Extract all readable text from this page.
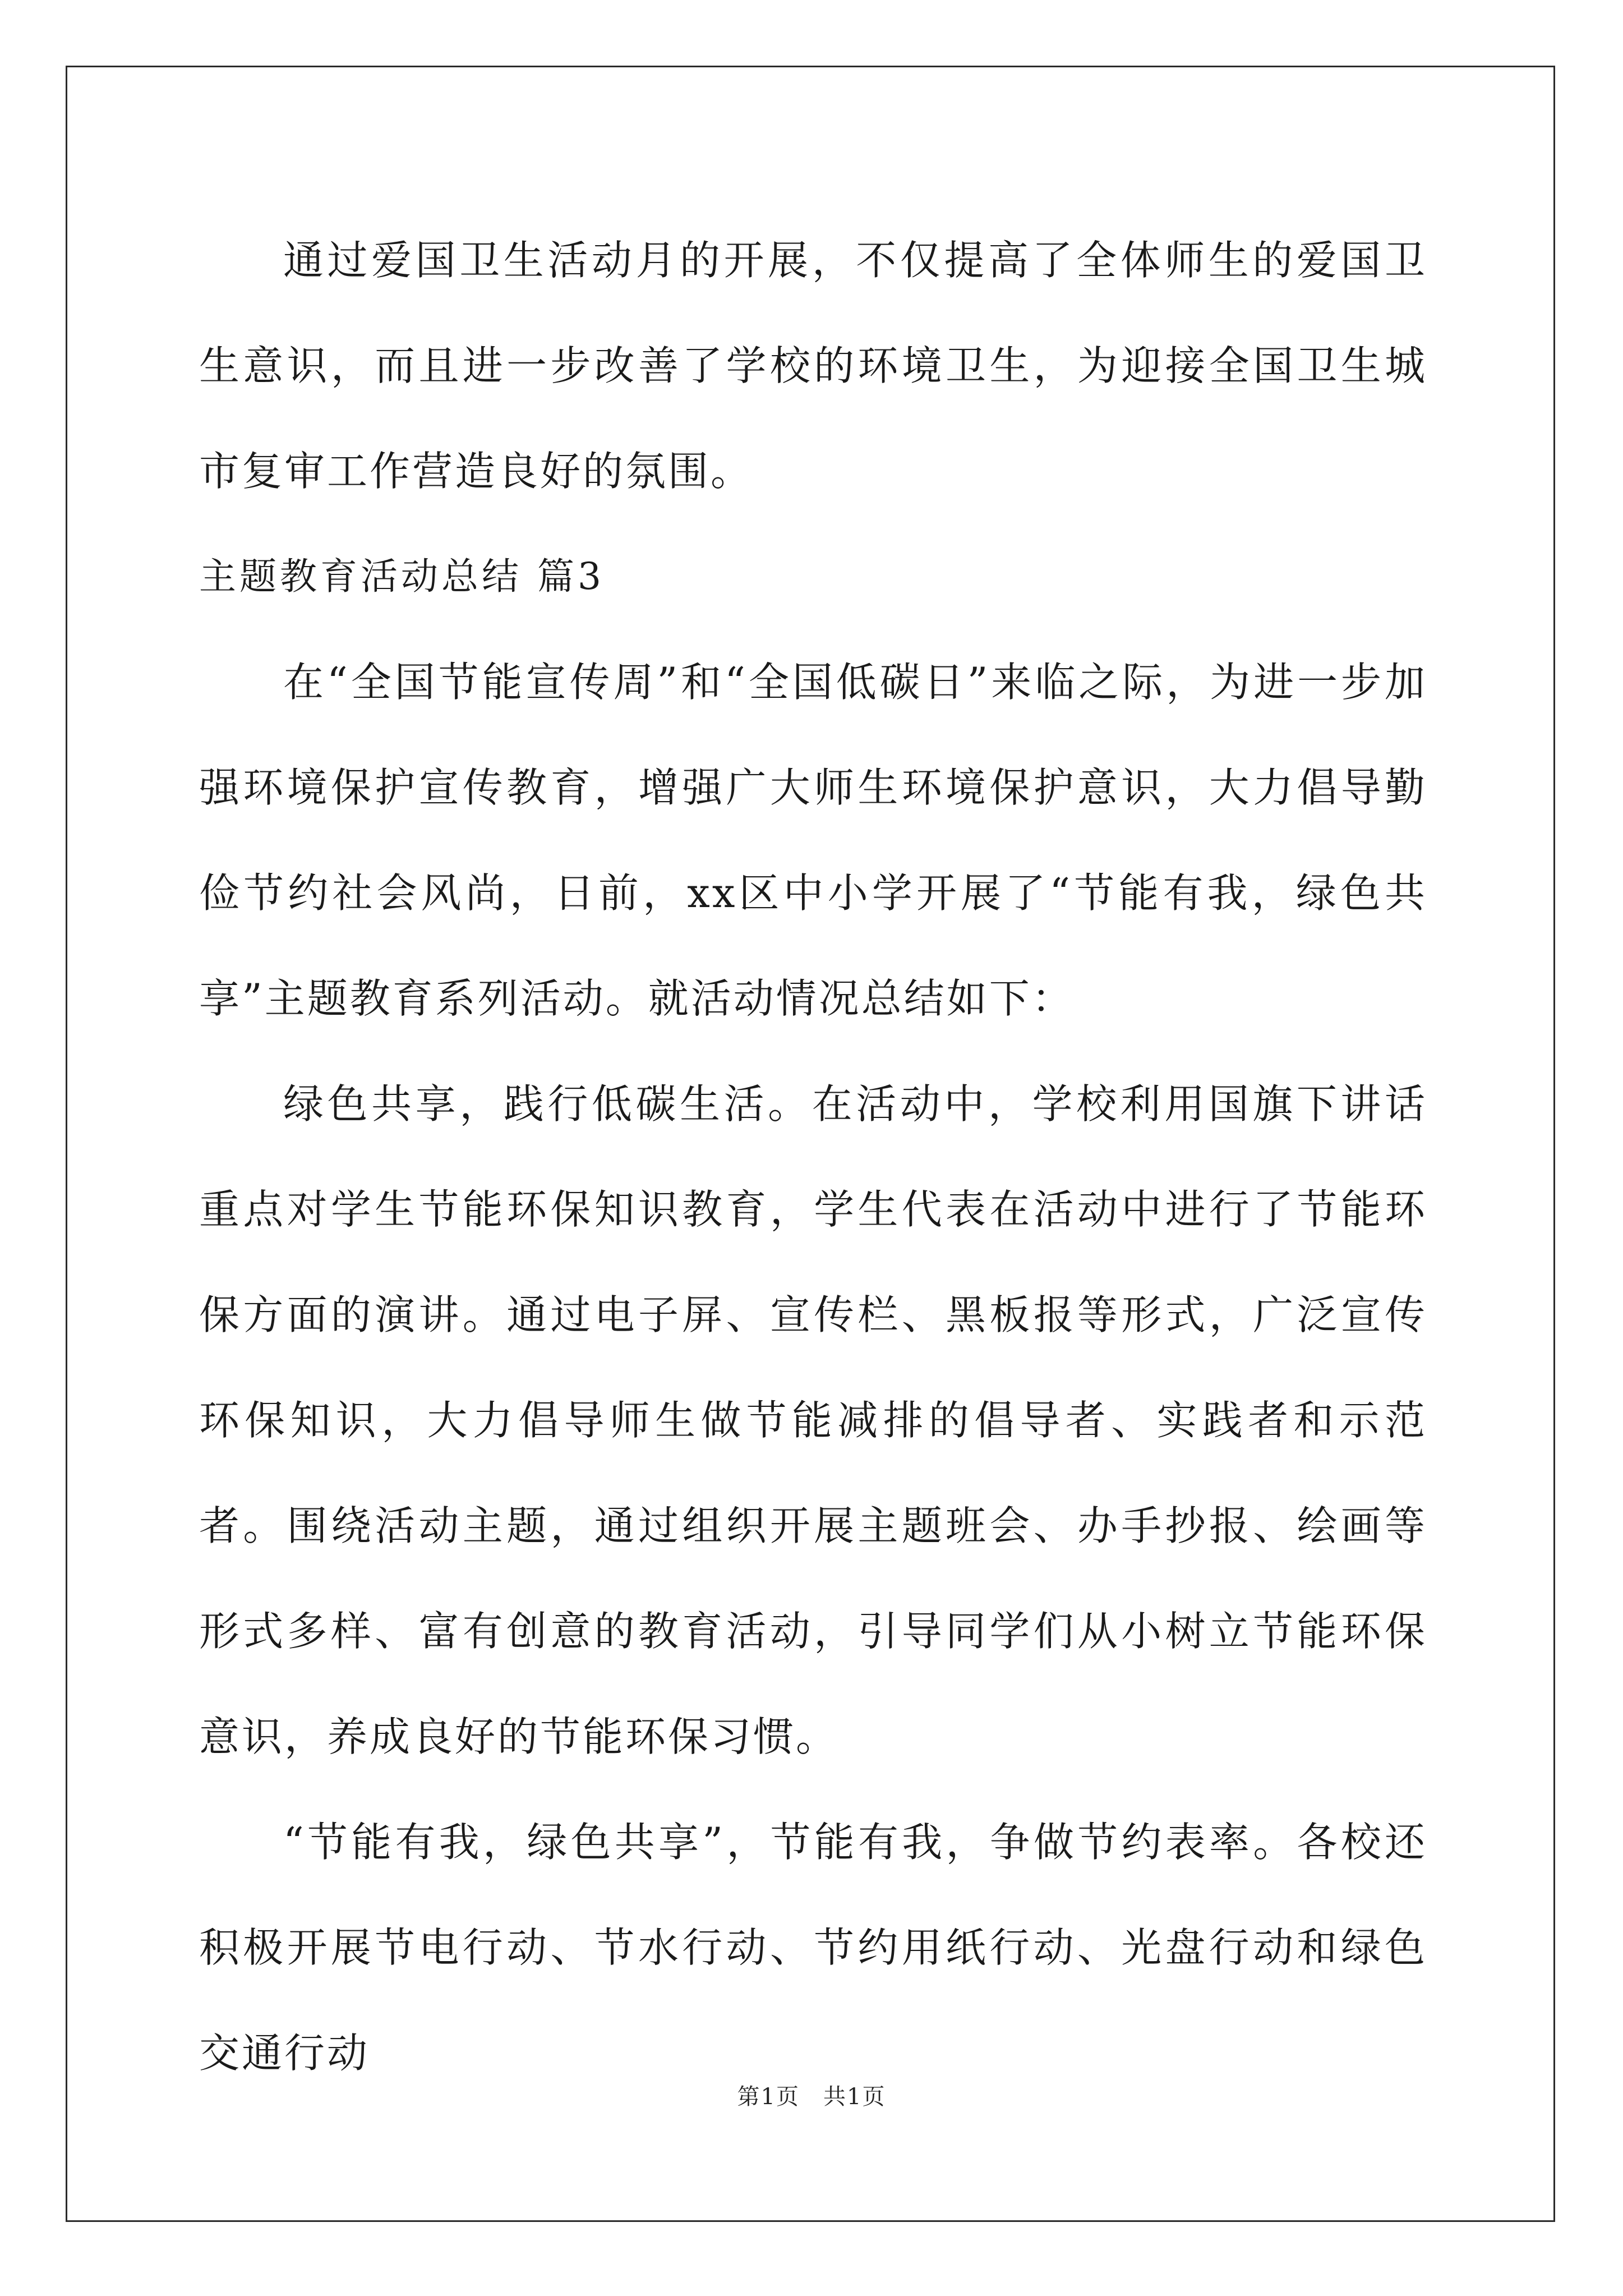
通过爱国卫生活动月的开展，不仅提高了全体师生的爱国卫生意识，而且进一步改善了学校的环境卫生，为迎接全国卫生城市复审工作营造良好的氛围。

主题教育活动总结 篇3

在“全国节能宣传周”和“全国低碳日”来临之际，为进一步加强环境保护宣传教育，增强广大师生环境保护意识，大力倡导勤俭节约社会风尚，日前，xx区中小学开展了“节能有我，绿色共享”主题教育系列活动。就活动情况总结如下：

绿色共享，践行低碳生活。在活动中，学校利用国旗下讲话重点对学生节能环保知识教育，学生代表在活动中进行了节能环保方面的演讲。通过电子屏、宣传栏、黑板报等形式，广泛宣传环保知识，大力倡导师生做节能减排的倡导者、实践者和示范者。围绕活动主题，通过组织开展主题班会、办手抄报、绘画等形式多样、富有创意的教育活动，引导同学们从小树立节能环保意识，养成良好的节能环保习惯。

“节能有我，绿色共享”，节能有我，争做节约表率。各校还积极开展节电行动、节水行动、节约用纸行动、光盘行动和绿色交通行动

第1页　共1页
